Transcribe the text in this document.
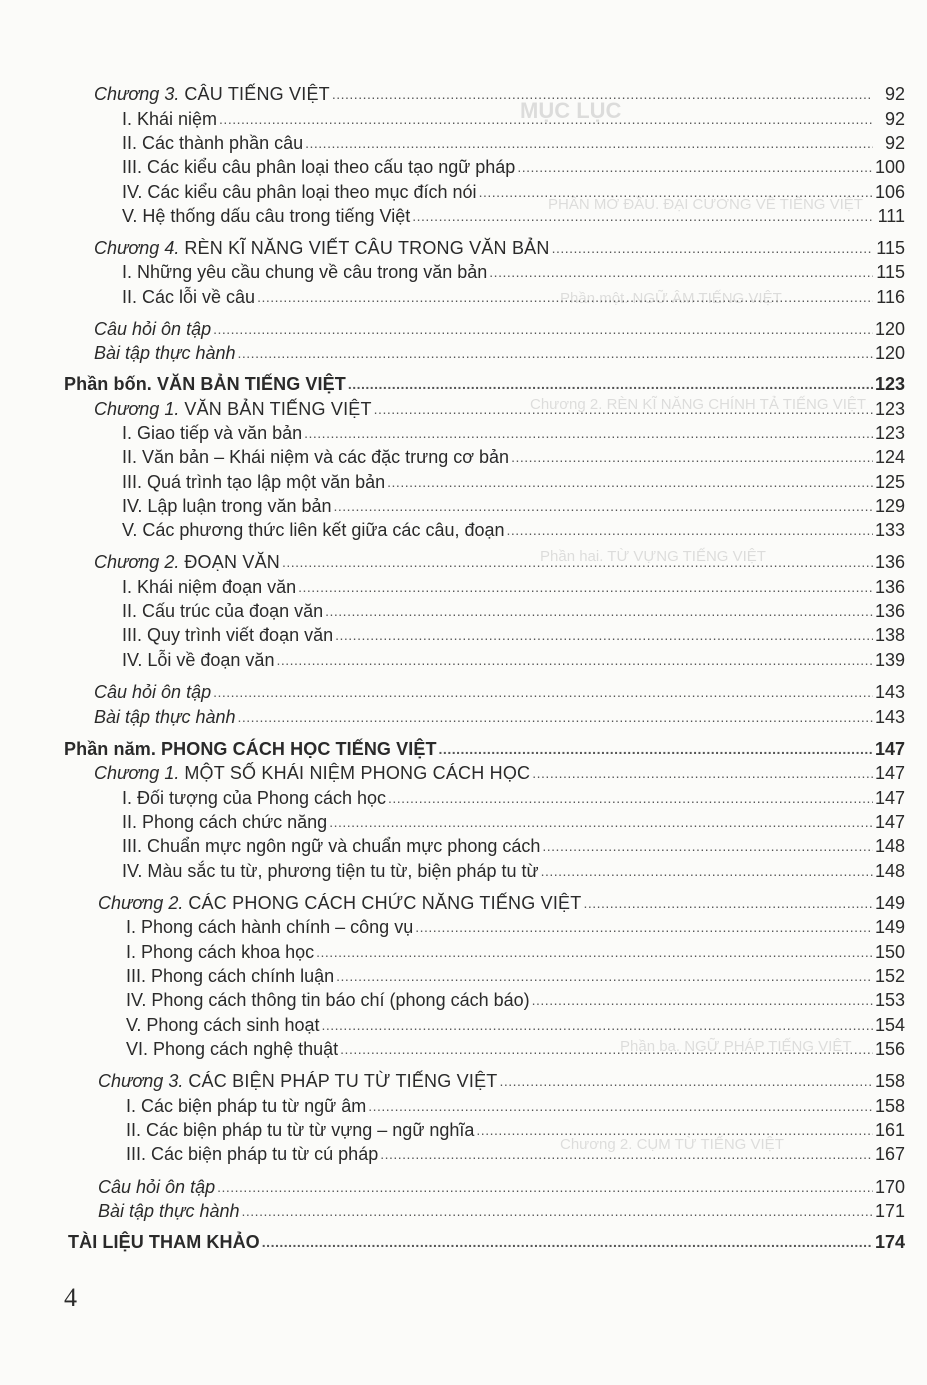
MỤC LỤC
PHẦN MỞ ĐẦU. ĐẠI CƯƠNG VỀ TIẾNG VIỆT
Phần một. NGỮ ÂM TIẾNG VIỆT
Chương 2. RÈN KĨ NĂNG CHÍNH TẢ TIẾNG VIỆT
Phần hai. TỪ VỰNG TIẾNG VIỆT
Phần ba. NGỮ PHÁP TIẾNG VIỆT
Chương 2. CỤM TỪ TIẾNG VIỆT
Chương 3. CÂU TIẾNG VIỆT .....	92
I. Khái niệm .....	92
II. Các thành phần câu .....	92
III. Các kiểu câu phân loại theo cấu tạo ngữ pháp .....	100
IV. Các kiểu câu phân loại theo mục đích nói .....	106
V. Hệ thống dấu câu trong tiếng Việt .....	111
Chương 4. RÈN KĨ NĂNG VIẾT CÂU TRONG VĂN BẢN .....	115
I. Những yêu cầu chung về câu trong văn bản .....	115
II. Các lỗi về câu .....	116
Câu hỏi ôn tập .....	120
Bài tập thực hành .....	120
Phần bốn. VĂN BẢN TIẾNG VIỆT .....	123
Chương 1. VĂN BẢN TIẾNG VIỆT .....	123
I. Giao tiếp và văn bản .....	123
II. Văn bản – Khái niệm và các đặc trưng cơ bản .....	124
III. Quá trình tạo lập một văn bản .....	125
IV. Lập luận trong văn bản .....	129
V. Các phương thức liên kết giữa các câu, đoạn .....	133
Chương 2. ĐOẠN VĂN .....	136
I. Khái niệm đoạn văn .....	136
II. Cấu trúc của đoạn văn .....	136
III. Quy trình viết đoạn văn .....	138
IV. Lỗi về đoạn văn .....	139
Câu hỏi ôn tập .....	143
Bài tập thực hành .....	143
Phần năm. PHONG CÁCH HỌC TIẾNG VIỆT .....	147
Chương 1. MỘT SỐ KHÁI NIỆM PHONG CÁCH HỌC .....	147
I. Đối tượng của Phong cách học .....	147
II. Phong cách chức năng .....	147
III. Chuẩn mực ngôn ngữ và chuẩn mực phong cách .....	148
IV. Màu sắc tu từ, phương tiện tu từ, biện pháp tu từ .....	148
Chương 2. CÁC PHONG CÁCH CHỨC NĂNG TIẾNG VIỆT .....	149
I. Phong cách hành chính – công vụ .....	149
I. Phong cách khoa học .....	150
III. Phong cách chính luận .....	152
IV. Phong cách thông tin báo chí (phong cách báo) .....	153
V. Phong cách sinh hoạt .....	154
VI. Phong cách nghệ thuật .....	156
Chương 3. CÁC BIỆN PHÁP TU TỪ TIẾNG VIỆT .....	158
I. Các biện pháp tu từ ngữ âm .....	158
II. Các biện pháp tu từ từ vựng – ngữ nghĩa .....	161
III. Các biện pháp tu từ cú pháp .....	167
Câu hỏi ôn tập .....	170
Bài tập thực hành .....	171
TÀI LIỆU THAM KHẢO .....	174
4
